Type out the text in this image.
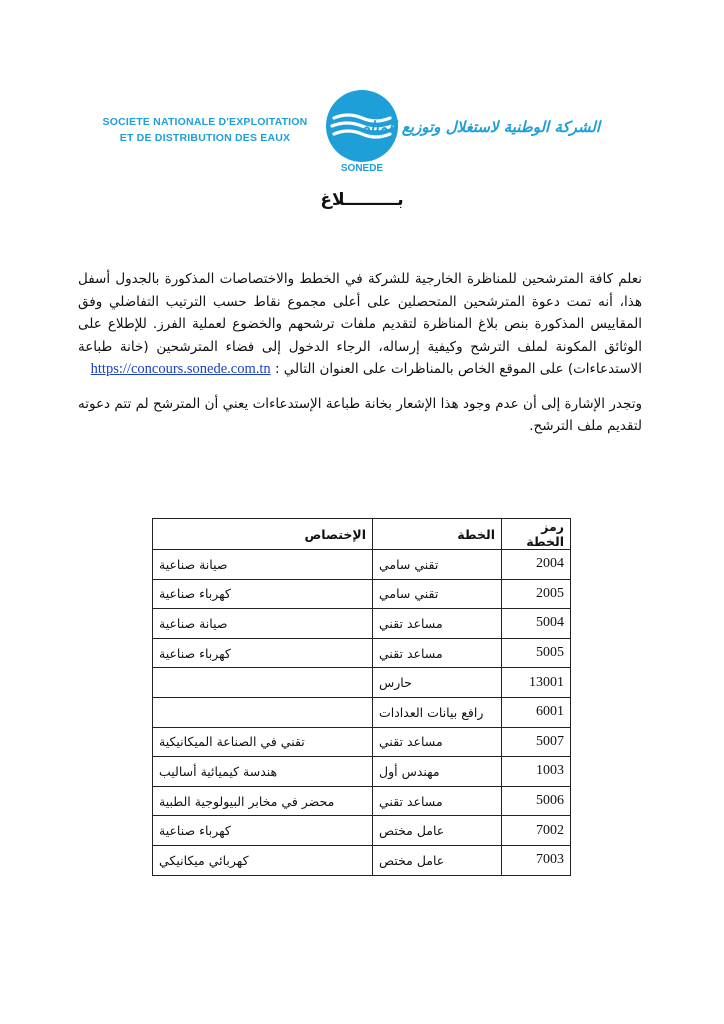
SOCIETE NATIONALE D'EXPLOITATION
ET DE DISTRIBUTION DES EAUX
SONEDE
الشركة الوطنية لاستغلال وتوزيع المياه
بـــــــــلاغ

نعلم كافة المترشحين للمناظرة الخارجية للشركة في الخطط والاختصاصات المذكورة بالجدول أسفل هذا، أنه تمت دعوة المترشحين المتحصلين على أعلى مجموع نقاط حسب الترتيب التفاضلي وفق المقاييس المذكورة بنص بلاغ المناظرة لتقديم ملفات ترشحهم والخضوع لعملية الفرز. للإطلاع على الوثائق المكونة لملف الترشح وكيفية إرساله، الرجاء الدخول إلى فضاء المترشحين (خانة طباعة الاستدعاءات) على الموقع الخاص بالمناظرات على العنوان التالي : https://concours.sonede.com.tn

وتجدر الإشارة إلى أن عدم وجود هذا الإشعار بخانة طباعة الإستدعاءات يعني أن المترشح لم تتم دعوته لتقديم ملف الترشح.

رمز الخطة	الخطة	الإختصاص
2004	تقني سامي	صيانة صناعية
2005	تقني سامي	كهرباء صناعية
5004	مساعد تقني	صيانة صناعية
5005	مساعد تقني	كهرباء صناعية
13001	حارس	
6001	رافع بيانات العدادات	
5007	مساعد تقني	تقني في الصناعة الميكانيكية
1003	مهندس أول	هندسة كيميائية أساليب
5006	مساعد تقني	محضر في مخابر البيولوجية الطبية
7002	عامل مختص	كهرباء صناعية
7003	عامل مختص	كهربائي ميكانيكي
